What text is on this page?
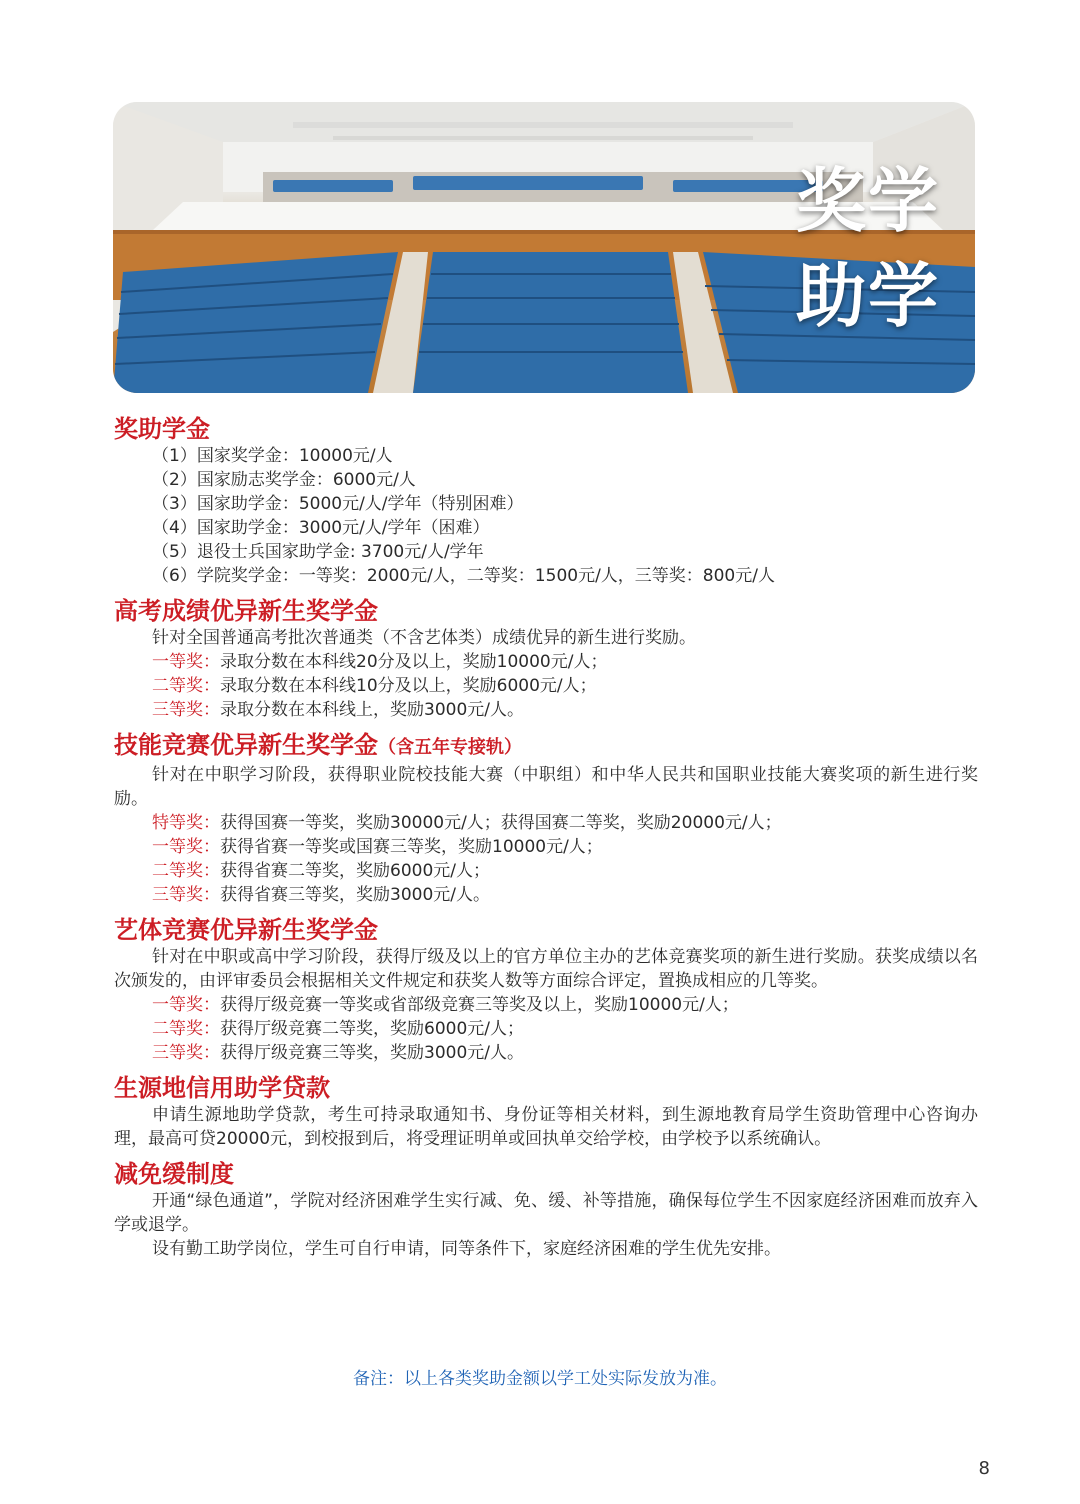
奖学
助学
奖助学金

（1）国家奖学金：10000元/人

（2）国家励志奖学金：6000元/人

（3）国家助学金：5000元/人/学年（特别困难）

（4）国家助学金：3000元/人/学年（困难）

（5）退役士兵国家助学金: 3700元/人/学年

（6）学院奖学金：一等奖：2000元/人，二等奖：1500元/人，三等奖：800元/人

高考成绩优异新生奖学金

针对全国普通高考批次普通类（不含艺体类）成绩优异的新生进行奖励。

一等奖：录取分数在本科线20分及以上，奖励10000元/人；

二等奖：录取分数在本科线10分及以上，奖励6000元/人；

三等奖：录取分数在本科线上，奖励3000元/人。

技能竞赛优异新生奖学金（含五年专接轨）

针对在中职学习阶段，获得职业院校技能大赛（中职组）和中华人民共和国职业技能大赛奖项的新生进行奖励。

特等奖：获得国赛一等奖，奖励30000元/人；获得国赛二等奖，奖励20000元/人；

一等奖：获得省赛一等奖或国赛三等奖，奖励10000元/人；

二等奖：获得省赛二等奖，奖励6000元/人；

三等奖：获得省赛三等奖，奖励3000元/人。

艺体竞赛优异新生奖学金

针对在中职或高中学习阶段，获得厅级及以上的官方单位主办的艺体竞赛奖项的新生进行奖励。获奖成绩以名次颁发的，由评审委员会根据相关文件规定和获奖人数等方面综合评定，置换成相应的几等奖。

一等奖：获得厅级竞赛一等奖或省部级竞赛三等奖及以上，奖励10000元/人；

二等奖：获得厅级竞赛二等奖，奖励6000元/人；

三等奖：获得厅级竞赛三等奖，奖励3000元/人。

生源地信用助学贷款

申请生源地助学贷款，考生可持录取通知书、身份证等相关材料，到生源地教育局学生资助管理中心咨询办理，最高可贷20000元，到校报到后，将受理证明单或回执单交给学校，由学校予以系统确认。

减免缓制度

开通“绿色通道”，学院对经济困难学生实行减、免、缓、补等措施，确保每位学生不因家庭经济困难而放弃入学或退学。

设有勤工助学岗位，学生可自行申请，同等条件下，家庭经济困难的学生优先安排。

备注：以上各类奖助金额以学工处实际发放为准。
8
